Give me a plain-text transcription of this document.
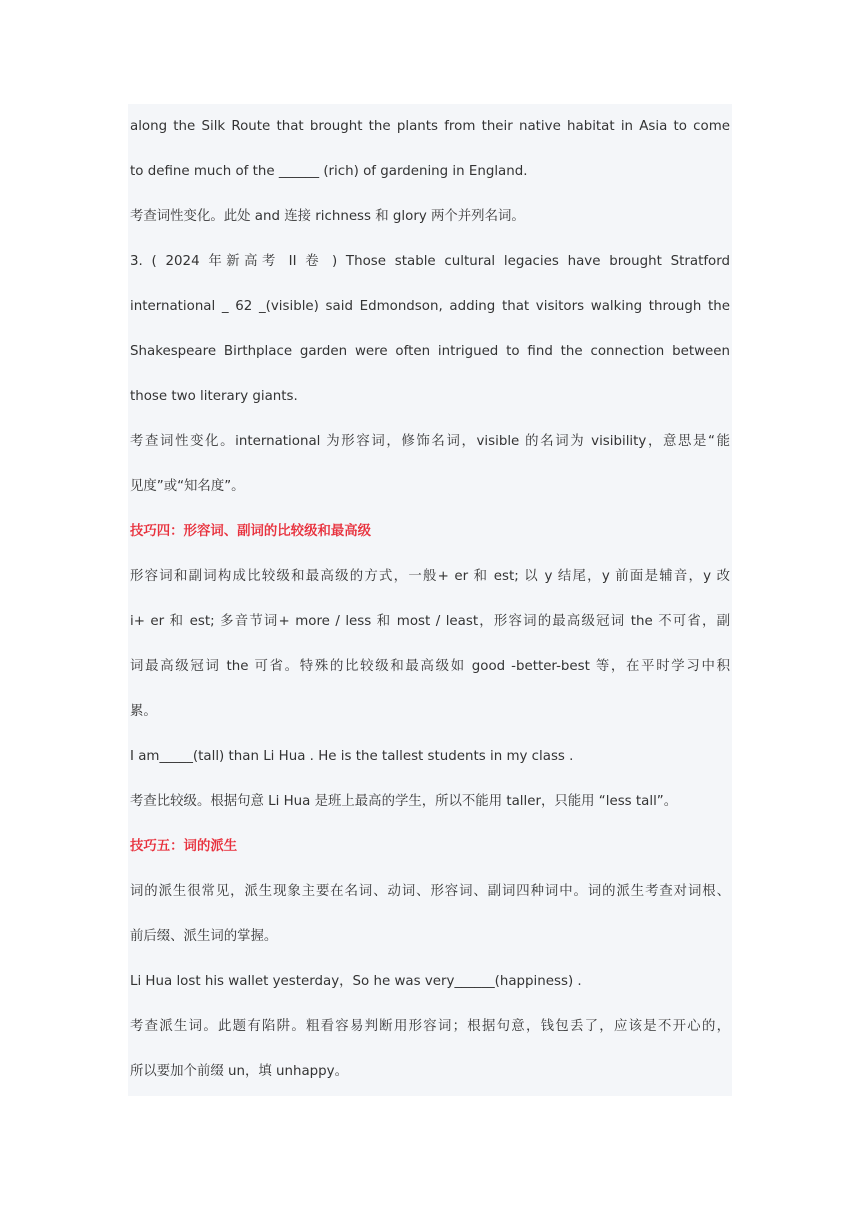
along the Silk Route that brought the plants from their native habitat in Asia to come
to define much of the ______ (rich) of gardening in England.
考查词性变化。此处 and 连接 richness 和 glory 两个并列名词。
3. ( 2024 年新高考 II 卷 ) Those stable cultural legacies have brought Stratford
international _ 62 _(visible) said Edmondson, adding that visitors walking through the
Shakespeare Birthplace garden were often intrigued to find the connection between
those two literary giants.
考查词性变化。international 为形容词，修饰名词，visible 的名词为 visibility，意思是“能
见度”或“知名度”。
技巧四：形容词、副词的比较级和最高级
形容词和副词构成比较级和最高级的方式，一般+ er 和 est; 以 y 结尾，y 前面是辅音，y 改
i+ er 和 est; 多音节词+ more / less 和 most / least，形容词的最高级冠词 the 不可省，副
词最高级冠词 the 可省。特殊的比较级和最高级如 good -better-best 等，在平时学习中积
累。
I am_____(tall) than Li Hua . He is the tallest students in my class .
考查比较级。根据句意 Li Hua 是班上最高的学生，所以不能用 taller，只能用 “less tall”。
技巧五：词的派生
词的派生很常见，派生现象主要在名词、动词、形容词、副词四种词中。词的派生考查对词根、
前后缀、派生词的掌握。
Li Hua lost his wallet yesterday，So he was very______(happiness) .
考查派生词。此题有陷阱。粗看容易判断用形容词；根据句意，钱包丢了，应该是不开心的，
所以要加个前缀 un，填 unhappy。
